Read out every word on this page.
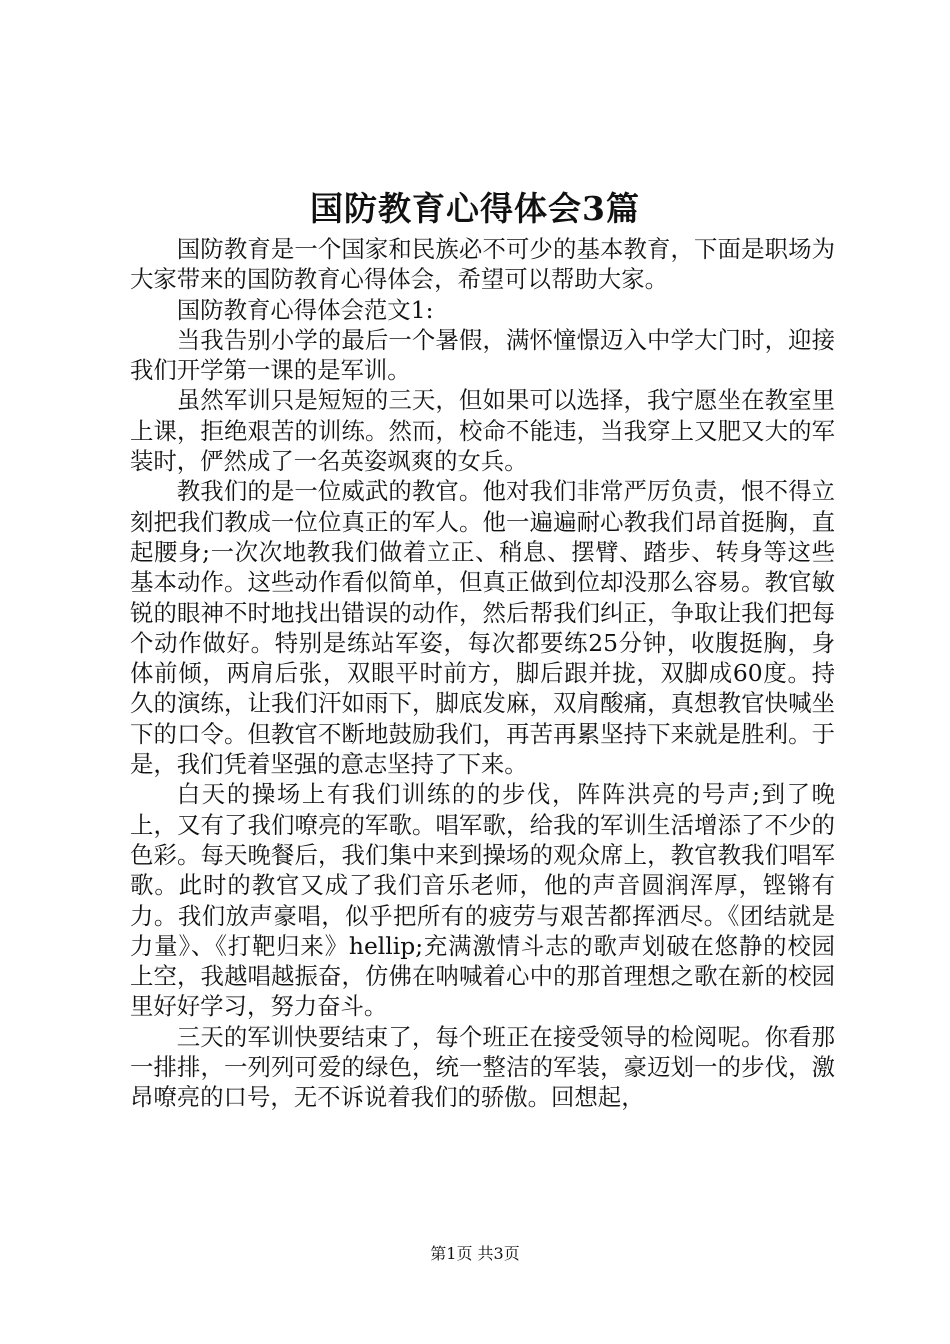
国防教育心得体会3篇

国防教育是一个国家和民族必不可少的基本教育，下面是职场为大家带来的国防教育心得体会，希望可以帮助大家。

国防教育心得体会范文1:

当我告别小学的最后一个暑假，满怀憧憬迈入中学大门时，迎接我们开学第一课的是军训。

虽然军训只是短短的三天，但如果可以选择，我宁愿坐在教室里上课，拒绝艰苦的训练。然而，校命不能违，当我穿上又肥又大的军装时，俨然成了一名英姿飒爽的女兵。

教我们的是一位威武的教官。他对我们非常严厉负责，恨不得立刻把我们教成一位位真正的军人。他一遍遍耐心教我们昂首挺胸，直起腰身;一次次地教我们做着立正、稍息、摆臂、踏步、转身等这些基本动作。这些动作看似简单，但真正做到位却没那么容易。教官敏锐的眼神不时地找出错误的动作，然后帮我们纠正，争取让我们把每个动作做好。特别是练站军姿，每次都要练25分钟，收腹挺胸，身体前倾，两肩后张，双眼平时前方，脚后跟并拢，双脚成60度。持久的演练，让我们汗如雨下，脚底发麻，双肩酸痛，真想教官快喊坐下的口令。但教官不断地鼓励我们，再苦再累坚持下来就是胜利。于是，我们凭着坚强的意志坚持了下来。

白天的操场上有我们训练的的步伐，阵阵洪亮的号声;到了晚上，又有了我们嘹亮的军歌。唱军歌，给我的军训生活增添了不少的色彩。每天晚餐后，我们集中来到操场的观众席上，教官教我们唱军歌。此时的教官又成了我们音乐老师，他的声音圆润浑厚，铿锵有力。我们放声豪唱，似乎把所有的疲劳与艰苦都挥洒尽。《团结就是力量》、《打靶归来》hellip;充满激情斗志的歌声划破在悠静的校园上空，我越唱越振奋，仿佛在呐喊着心中的那首理想之歌在新的校园里好好学习，努力奋斗。

三天的军训快要结束了，每个班正在接受领导的检阅呢。你看那一排排，一列列可爱的绿色，统一整洁的军装，豪迈划一的步伐，激昂嘹亮的口号，无不诉说着我们的骄傲。回想起，

第1页 共3页
